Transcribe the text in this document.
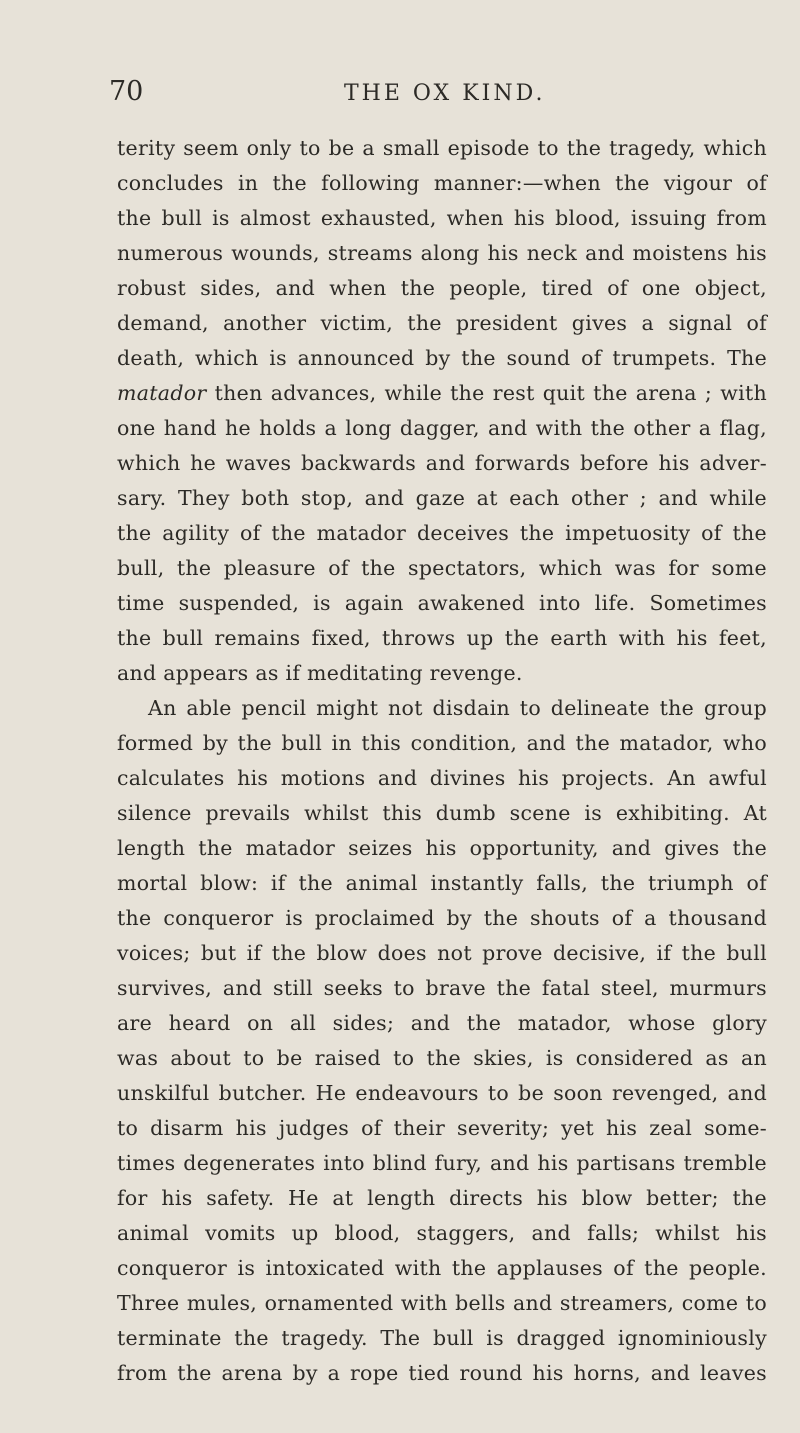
70	THE OX KIND.
terity seem only to be a small episode to the tragedy, which
concludes in the following manner:—when the vigour of
the bull is almost exhausted, when his blood, issuing from
numerous wounds, streams along his neck and moistens his
robust sides, and when the people, tired of one object,
demand, another victim, the president gives a signal of
death, which is announced by the sound of trumpets. The
matador then advances, while the rest quit the arena ; with
one hand he holds a long dagger, and with the other a flag,
which he waves backwards and forwards before his adver-
sary. They both stop, and gaze at each other ; and while
the agility of the matador deceives the impetuosity of the
bull, the pleasure of the spectators, which was for some
time suspended, is again awakened into life. Sometimes
the bull remains fixed, throws up the earth with his feet,
and appears as if meditating revenge.
An able pencil might not disdain to delineate the group
formed by the bull in this condition, and the matador, who
calculates his motions and divines his projects. An awful
silence prevails whilst this dumb scene is exhibiting. At
length the matador seizes his opportunity, and gives the
mortal blow: if the animal instantly falls, the triumph of
the conqueror is proclaimed by the shouts of a thousand
voices; but if the blow does not prove decisive, if the bull
survives, and still seeks to brave the fatal steel, murmurs
are heard on all sides; and the matador, whose glory
was about to be raised to the skies, is considered as an
unskilful butcher. He endeavours to be soon revenged, and
to disarm his judges of their severity; yet his zeal some-
times degenerates into blind fury, and his partisans tremble
for his safety. He at length directs his blow better; the
animal vomits up blood, staggers, and falls; whilst his
conqueror is intoxicated with the applauses of the people.
Three mules, ornamented with bells and streamers, come to
terminate the tragedy. The bull is dragged ignominiously
from the arena by a rope tied round his horns, and leaves
